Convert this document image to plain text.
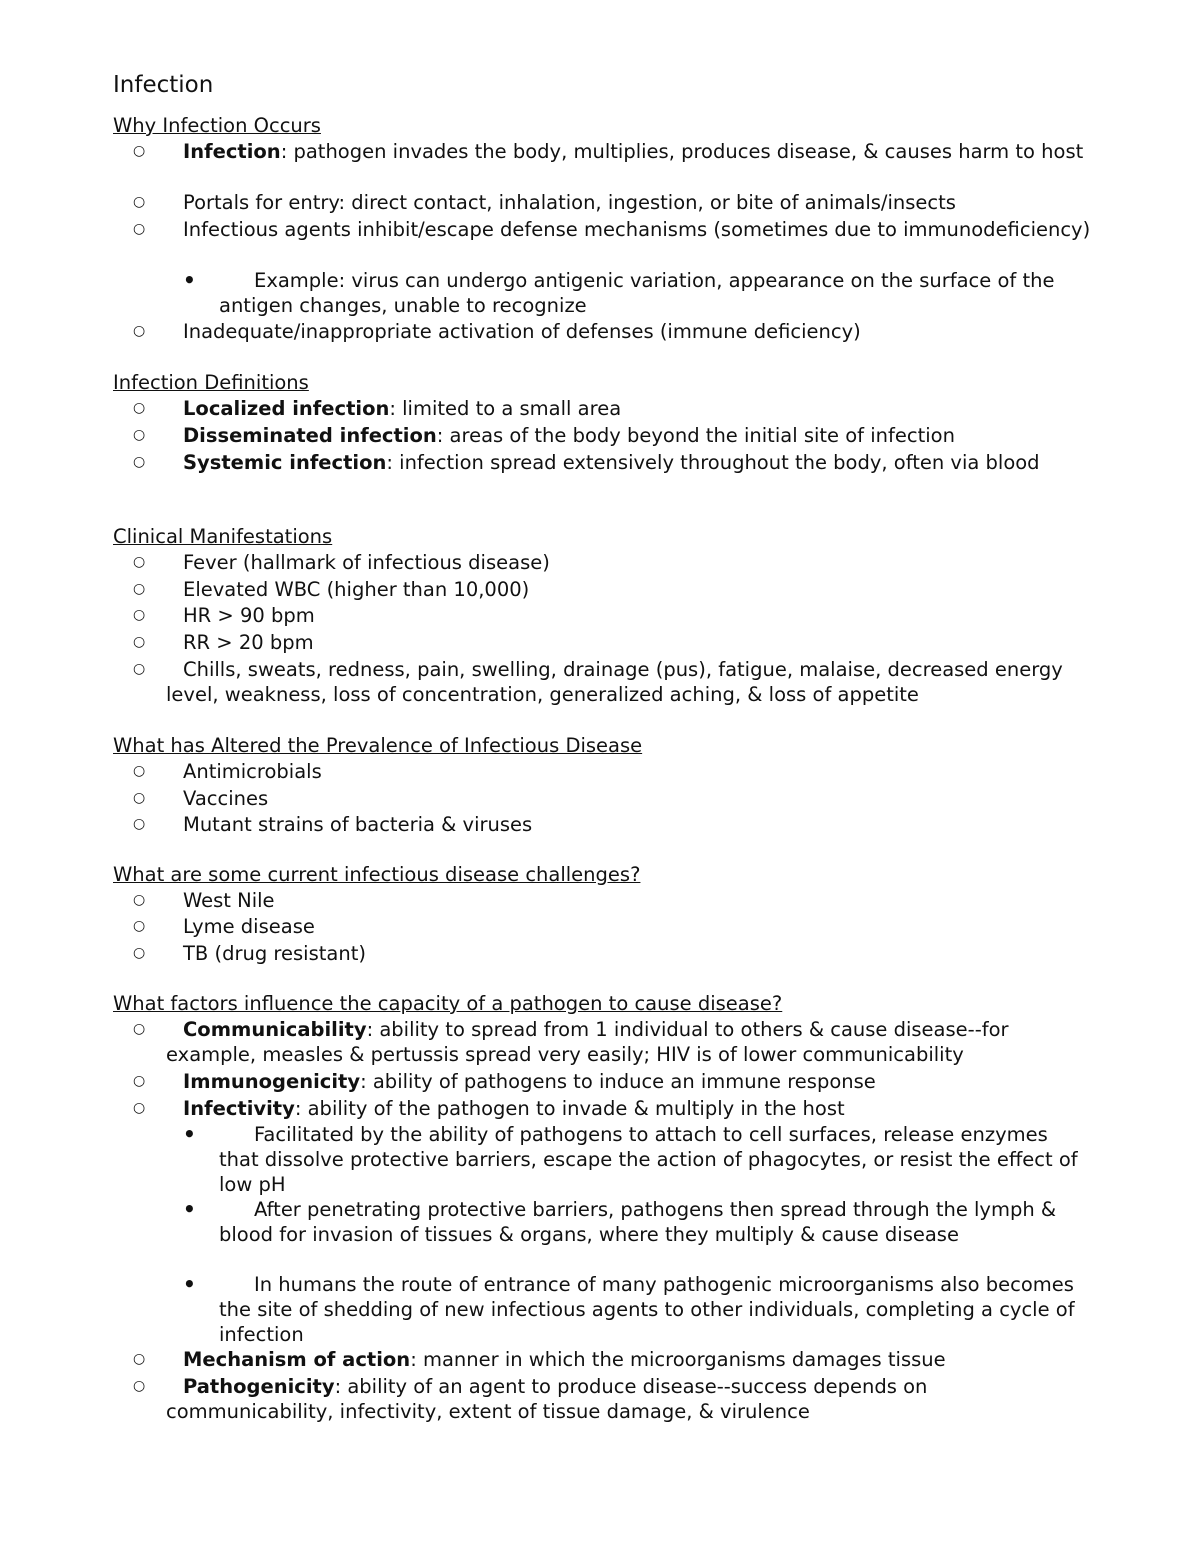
Infection
Why Infection Occurs
○	Infection: pathogen invades the body, multiplies, produces disease, & causes harm to host
○	Portals for entry: direct contact, inhalation, ingestion, or bite of animals/insects
○	Infectious agents inhibit/escape defense mechanisms (sometimes due to immunodeficiency)
•	Example: virus can undergo antigenic variation, appearance on the surface of the antigen changes, unable to recognize
○	Inadequate/inappropriate activation of defenses (immune deficiency)
Infection Definitions
○	Localized infection: limited to a small area
○	Disseminated infection: areas of the body beyond the initial site of infection
○	Systemic infection: infection spread extensively throughout the body, often via blood
Clinical Manifestations
○	Fever (hallmark of infectious disease)
○	Elevated WBC (higher than 10,000)
○	HR > 90 bpm
○	RR > 20 bpm
○	Chills, sweats, redness, pain, swelling, drainage (pus), fatigue, malaise, decreased energy level, weakness, loss of concentration, generalized aching, & loss of appetite
What has Altered the Prevalence of Infectious Disease
○	Antimicrobials
○	Vaccines
○	Mutant strains of bacteria & viruses
What are some current infectious disease challenges?
○	West Nile
○	Lyme disease
○	TB (drug resistant)
What factors influence the capacity of a pathogen to cause disease?
○	Communicability: ability to spread from 1 individual to others & cause disease--for example, measles & pertussis spread very easily; HIV is of lower communicability
○	Immunogenicity: ability of pathogens to induce an immune response
○	Infectivity: ability of the pathogen to invade & multiply in the host
•	Facilitated by the ability of pathogens to attach to cell surfaces, release enzymes that dissolve protective barriers, escape the action of phagocytes, or resist the effect of low pH
•	After penetrating protective barriers, pathogens then spread through the lymph & blood for invasion of tissues & organs, where they multiply & cause disease
•	In humans the route of entrance of many pathogenic microorganisms also becomes the site of shedding of new infectious agents to other individuals, completing a cycle of infection
○	Mechanism of action: manner in which the microorganisms damages tissue
○	Pathogenicity: ability of an agent to produce disease--success depends on communicability, infectivity, extent of tissue damage, & virulence
